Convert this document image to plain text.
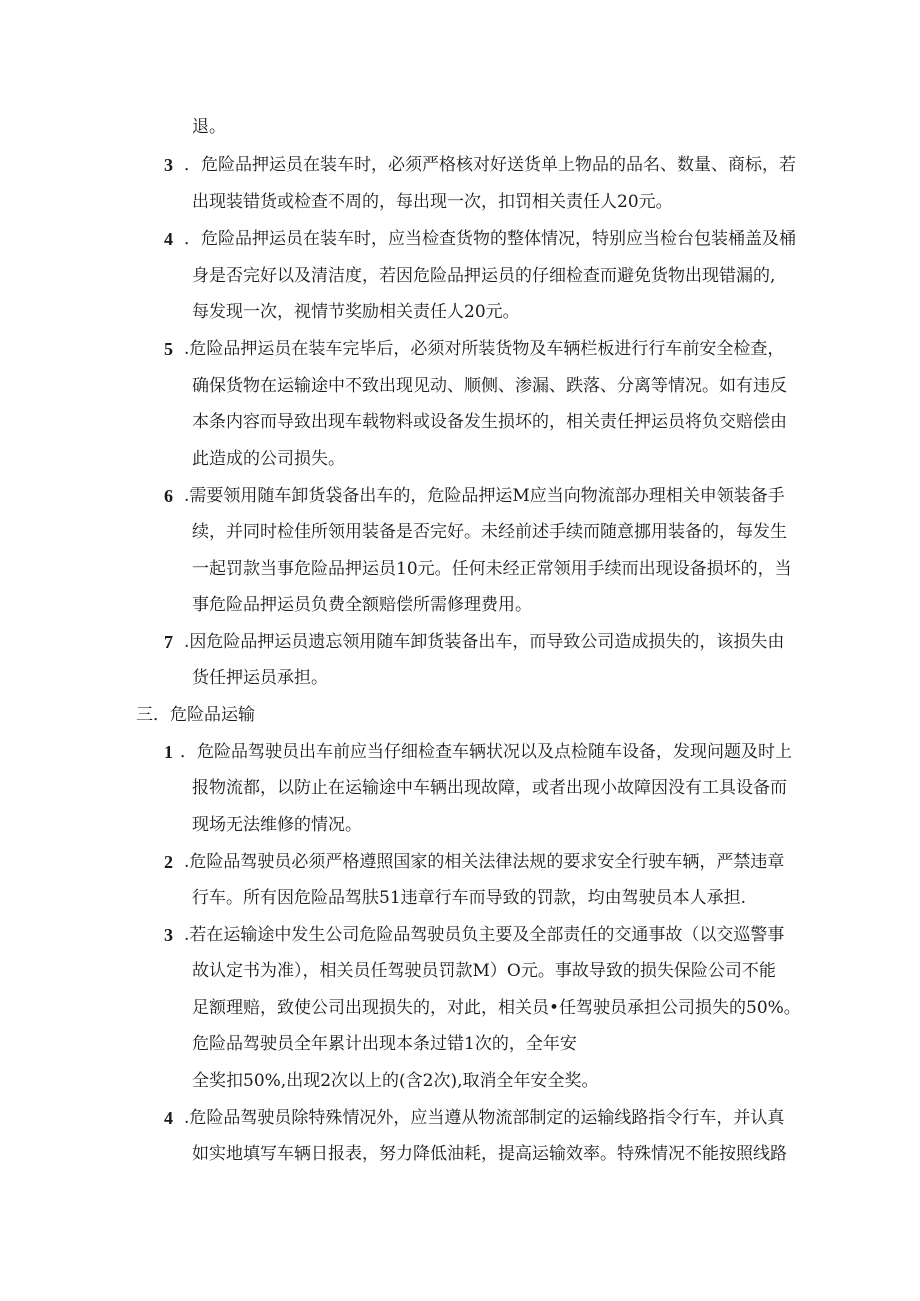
退。
3 ．危险品押运员在装车时，必须严格核对好送货单上物品的品名、数量、商标，若
出现装错货或检查不周的，每出现一次，扣罚相关责任人20元。
4 ．危险品押运员在装车时，应当检查货物的整体情况，特别应当检台包装桶盖及桶
身是否完好以及清洁度，若因危险品押运员的仔细检查而避免货物出现错漏的,
每发现一次，视情节奖励相关责任人20元。
5 .危险品押运员在装车完毕后，必须对所装货物及车辆栏板进行行车前安全检查，
确保货物在运输途中不致出现见动、顺侧、渗漏、跌落、分离等情况。如有违反
本条内容而导致出现车载物料或设备发生损坏的，相关责任押运员将负交赔偿由
此造成的公司损失。
6 .需要领用随车卸货袋备出车的，危险品押运M应当向物流部办理相关申领装备手
续，并同时检佳所领用装备是否完好。未经前述手续而随意挪用装备的，每发生
一起罚款当事危险品押运员10元。任何未经正常领用手续而出现设备损坏的，当
事危险品押运员负费全额赔偿所需修理费用。
7 .因危险品押运员遗忘领用随车卸货装备出车，而导致公司造成损失的，该损失由
货任押运员承担。
三．危险品运输
1 ．危险品驾驶员出车前应当仔细检查车辆状况以及点检随车设备，发现问题及时上
报物流都，以防止在运输途中车辆出现故障，或者出现小故障因没有工具设备而
现场无法维修的情况。
2 .危险品驾驶员必须严格遵照国家的相关法律法规的要求安全行驶车辆，严禁违章
行车。所有因危险品驾肤51违章行车而导致的罚款，均由驾驶员本人承担.
3 .若在运输途中发生公司危险品驾驶员负主要及全部责任的交通事故（以交巡警事
故认定书为准），相关员任驾驶员罚款M）O元。事故导致的损失保险公司不能
足额理赔，致使公司出现损失的，对此，相关员•任驾驶员承担公司损失的50%。
危险品驾驶员全年累计出现本条过错1次的，全年安
全奖扣50%,出现2次以上的(含2次),取消全年安全奖。
4 .危险品驾驶员除特殊情况外，应当遵从物流部制定的运输线路指令行车，并认真
如实地填写车辆日报表，努力降低油耗，提高运输效率。特殊情况不能按照线路
